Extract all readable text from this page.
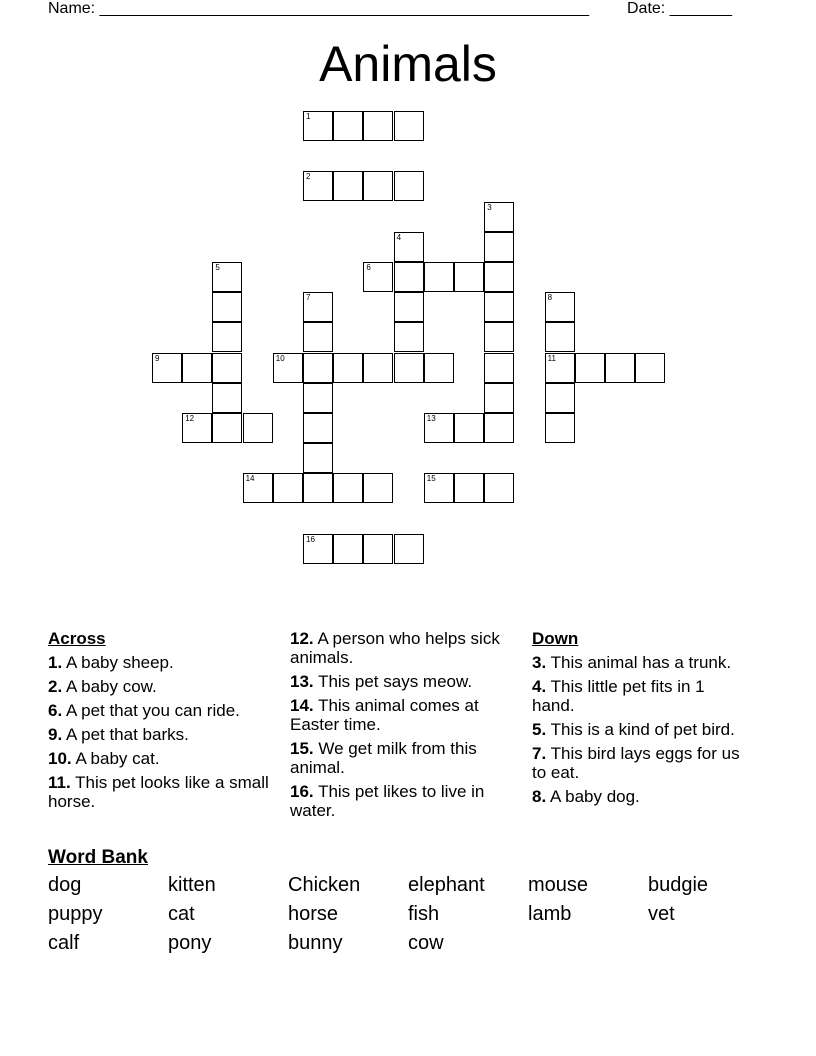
Name: _______________________________________________________ Date: _______
Animals
1
2
3
4
5	6
7	8
11
9	10
12	13
14	15
16
Across
1. A baby sheep.
2. A baby cow.
6. A pet that you can ride.
9. A pet that barks.
10. A baby cat.
11. This pet looks like a small horse.
12. A person who helps sick animals.
13. This pet says meow.
14. This animal comes at Easter time.
15. We get milk from this animal.
16. This pet likes to live in water.
Down
3. This animal has a trunk.
4. This little pet fits in 1 hand.
5. This is a kind of pet bird.
7. This bird lays eggs for us to eat.
8. A baby dog.
Word Bank
dog	kitten	Chicken	elephant	mouse	budgie
puppy	cat	horse	fish	lamb	vet
calf	pony	bunny	cow
